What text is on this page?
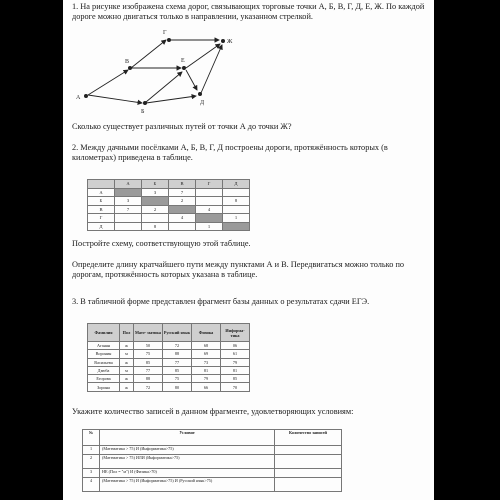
1. На рисунке изображена схема дорог, связывающих торговые точки А, Б, В, Г, Д, Е, Ж. По каждой дороге можно двигаться только в направлении, указанном стрелкой.
А
В
Б
Г
Е
Д
Ж
Сколько существует различных путей от точки А до точки Ж?
2. Между дачными посёлками А, Б, В, Г, Д построены дороги, протяжённость которых (в километрах) приведена в таблице.
	А	Б	В	Г	Д
А		3	7		
Б	3		2		8
В	7	2		4	
Г			4		1
Д		8		1	
Постройте схему, соответствующую этой таблице.
Определите длину кратчайшего пути между пунктами А и В. Передвигаться можно только по дорогам, протяжённость которых указана в таблице.
3. В табличной форме представлен фрагмент базы данных о результатах сдачи ЕГЭ.
Фамилия	Пол	Мате- матика	Русский язык	Физика	Информа- тика
Аганян	ж	50	72	68	06
Воронин	м	75	88	69	61
Васильева	ж	85	77	73	79
Дзюба	м	77	85	81	81
Егорова	ж	88	75	79	85
Зорина	ж	72	80	66	70
Укажите количество записей в данном фрагменте, удовлетворяющих условиям:
№	Условие	Количество записей
1	(Математика > 75) И (Информатика>75)	
2	(Математика > 75) ИЛИ (Информатика>75)	
3	НЕ (Пол = "м") И (Физика>70)	
4	(Математика > 75) И (Информатика>75) И (Русский язык>75)	
